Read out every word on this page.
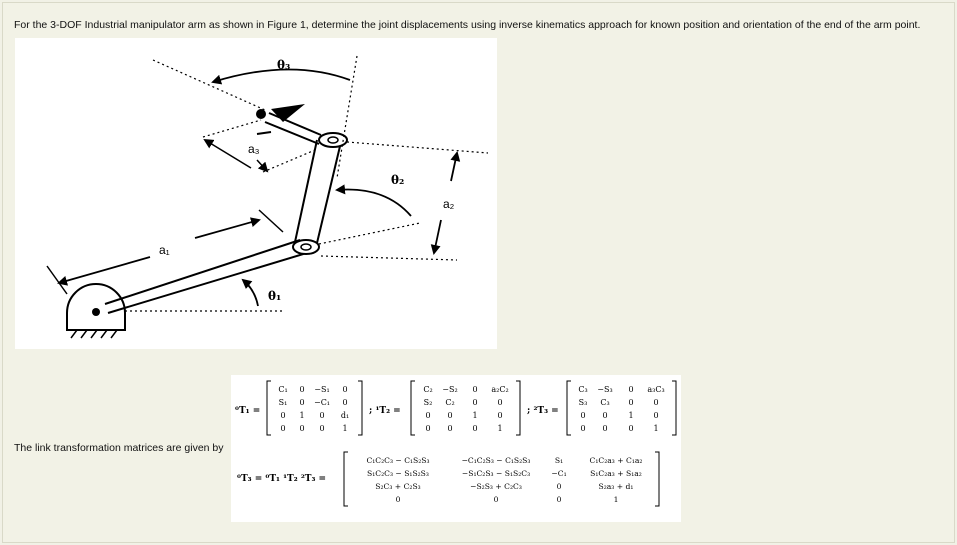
For the 3-DOF Industrial manipulator arm as shown in Figure 1, determine the joint displacements using inverse kinematics approach for known position and orientation of the end of the arm point.
θ₃
θ₂
θ₁
a₃
a₂
a₁
The link transformation matrices are given by
⁰T₁ =
C₁ 0 −S₁ 0
S₁ 0 −C₁ 0
0 1 0 d₁
0 0 0 1
; ¹T₂ =
C₂ −S₂ 0 a₂C₂
S₂ C₂ 0 0
0 0 1 0
0 0 0 1
; ²T₃ =
C₃ −S₃ 0 a₃C₃
S₃ C₃ 0 0
0 0	1 0
0 0	0 1
⁰T₃ = ⁰T₁ ¹T₂ ²T₃ =
C₁C₂C₃ − C₁S₂S₃	−C₁C₂S₃ − C₁S₂S₃	S₁	C₁C₂a₃ + C₁a₂
S₁C₂C₃ − S₁S₂S₃	−S₁C₂S₃ − S₁S₂C₃	−C₁	S₁C₂a₃ + S₁a₂
S₂C₃ + C₂S₃	−S₂S₃ + C₂C₃	0	S₂a₃ + d₁
0	0	0	1
